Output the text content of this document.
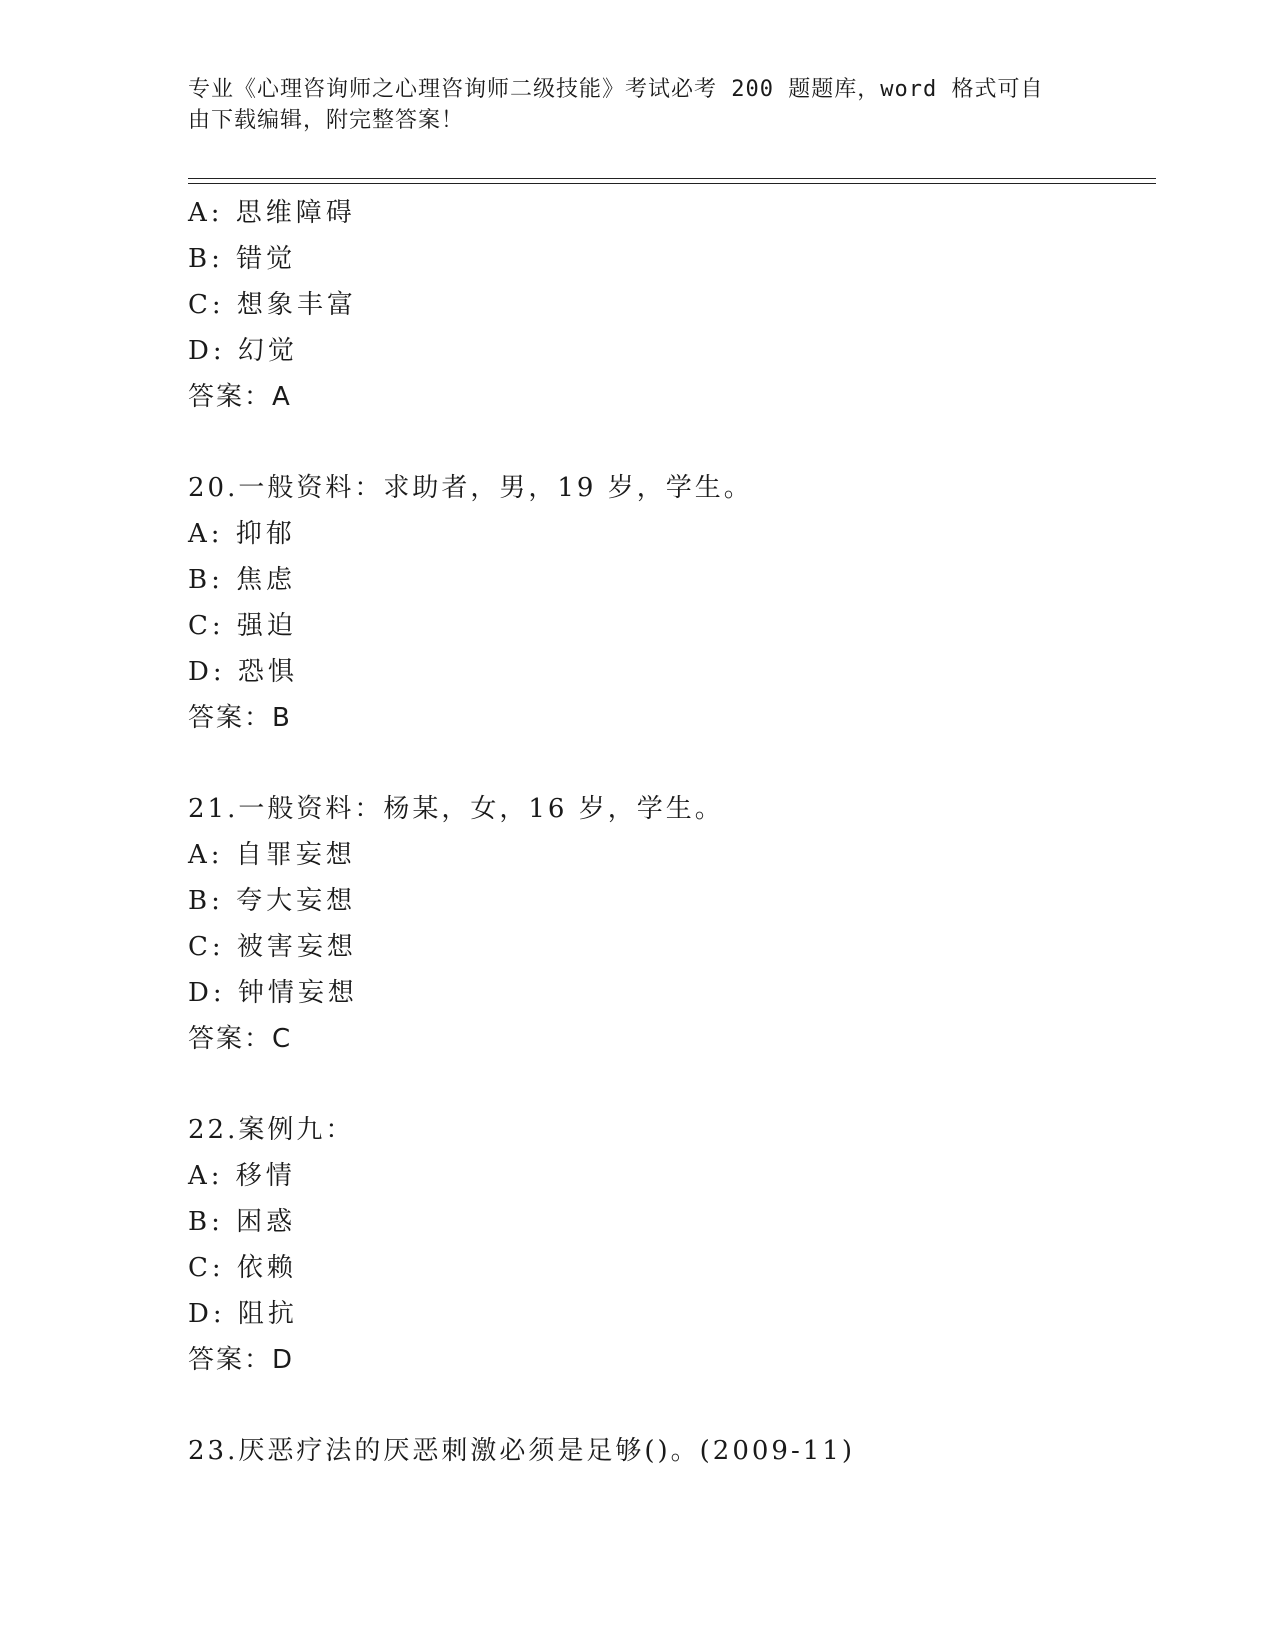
专业《心理咨询师之心理咨询师二级技能》考试必考 200 题题库，word 格式可自
由下载编辑，附完整答案！
A: 思维障碍
B: 错觉
C: 想象丰富
D: 幻觉
答案：A
20.一般资料：求助者，男，19 岁，学生。
A: 抑郁
B: 焦虑
C: 强迫
D: 恐惧
答案：B
21.一般资料：杨某，女，16 岁，学生。
A: 自罪妄想
B: 夸大妄想
C: 被害妄想
D: 钟情妄想
答案：C
22.案例九：
A: 移情
B: 困惑
C: 依赖
D: 阻抗
答案：D
23.厌恶疗法的厌恶刺激必须是足够()。(2009-11)
